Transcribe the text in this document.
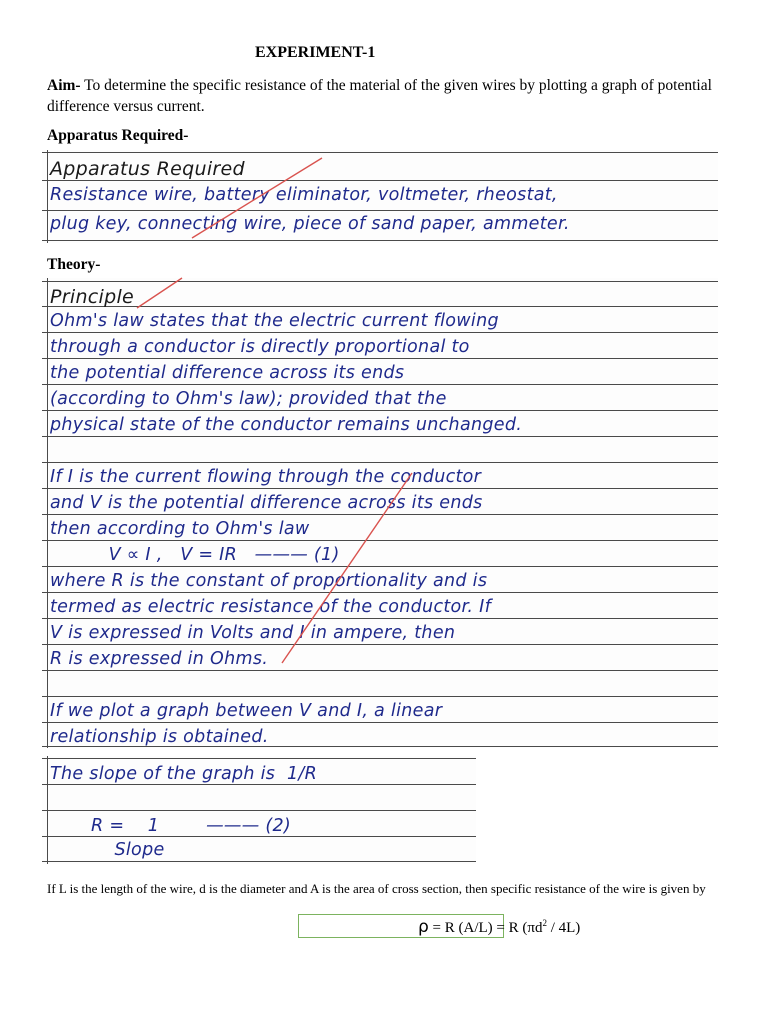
EXPERIMENT-1
Aim- To determine the specific resistance of the material of the given wires by plotting a graph of potential difference versus current.
Apparatus Required-
Apparatus Required
Resistance wire, battery eliminator, voltmeter, rheostat,
plug key, connecting wire, piece of sand paper, ammeter.
Theory-
Principle
Ohm's law states that the electric current flowing
through a conductor is directly proportional to
the potential difference across its ends
(according to Ohm's law); provided that the
physical state of the conductor remains unchanged.
If I is the current flowing through the conductor
and V is the potential difference across its ends
then according to Ohm's law
V ∝ I ,   V = IR   ——— (1)
where R is the constant of proportionality and is
termed as electric resistance of the conductor. If
V is expressed in Volts and I in ampere, then
R is expressed in Ohms.
If we plot a graph between V and I, a linear
relationship is obtained.
The slope of the graph is  1/R
R =    1        ——— (2)
Slope
If L is the length of the wire, d is the diameter and A is the area of cross section, then specific resistance of the wire is given by
ρ = R (A/L) = R $(\pi d^2 / 4L)$
